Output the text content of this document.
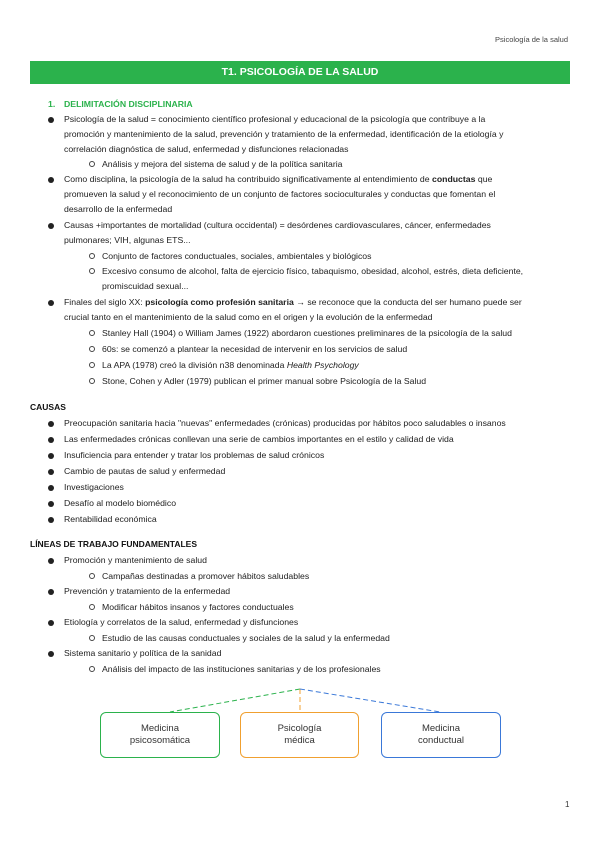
Psicología de la salud
T1. PSICOLOGÍA DE LA SALUD
1. DELIMITACIÓN DISCIPLINARIA
Psicología de la salud = conocimiento científico profesional y educacional de la psicología que contribuye a la
promoción y mantenimiento de la salud, prevención y tratamiento de la enfermedad, identificación de la etiología y
correlación diagnóstica de salud, enfermedad y disfunciones relacionadas
Análisis y mejora del sistema de salud y de la política sanitaria
Como disciplina, la psicología de la salud ha contribuido significativamente al entendimiento de conductas que
promueven la salud y el reconocimiento de un conjunto de factores socioculturales y conductas que fomentan el
desarrollo de la enfermedad
Causas +importantes de mortalidad (cultura occidental) = desórdenes cardiovasculares, cáncer, enfermedades
pulmonares; VIH, algunas ETS...
Conjunto de factores conductuales, sociales, ambientales y biológicos
Excesivo consumo de alcohol, falta de ejercicio físico, tabaquismo, obesidad, alcohol, estrés, dieta deficiente,
promiscuidad sexual...
Finales del siglo XX: psicología como profesión sanitaria → se reconoce que la conducta del ser humano puede ser
crucial tanto en el mantenimiento de la salud como en el origen y la evolución de la enfermedad
Stanley Hall (1904) o William James (1922) abordaron cuestiones preliminares de la psicología de la salud
60s: se comenzó a plantear la necesidad de intervenir en los servicios de salud
La APA (1978) creó la división n38 denominada Health Psychology
Stone, Cohen y Adler (1979) publican el primer manual sobre Psicología de la Salud
CAUSAS
Preocupación sanitaria hacia "nuevas" enfermedades (crónicas) producidas por hábitos poco saludables o insanos
Las enfermedades crónicas conllevan una serie de cambios importantes en el estilo y calidad de vida
Insuficiencia para entender y tratar los problemas de salud crónicos
Cambio de pautas de salud y enfermedad
Investigaciones
Desafío al modelo biomédico
Rentabilidad económica
LÍNEAS DE TRABAJO FUNDAMENTALES
Promoción y mantenimiento de salud
Campañas destinadas a promover hábitos saludables
Prevención y tratamiento de la enfermedad
Modificar hábitos insanos y factores conductuales
Etiología y correlatos de la salud, enfermedad y disfunciones
Estudio de las causas conductuales y sociales de la salud y la enfermedad
Sistema sanitario y política de la sanidad
Análisis del impacto de las instituciones sanitarias y de los profesionales
Medicina
psicosomática
Psicología
médica
Medicina
conductual
1
